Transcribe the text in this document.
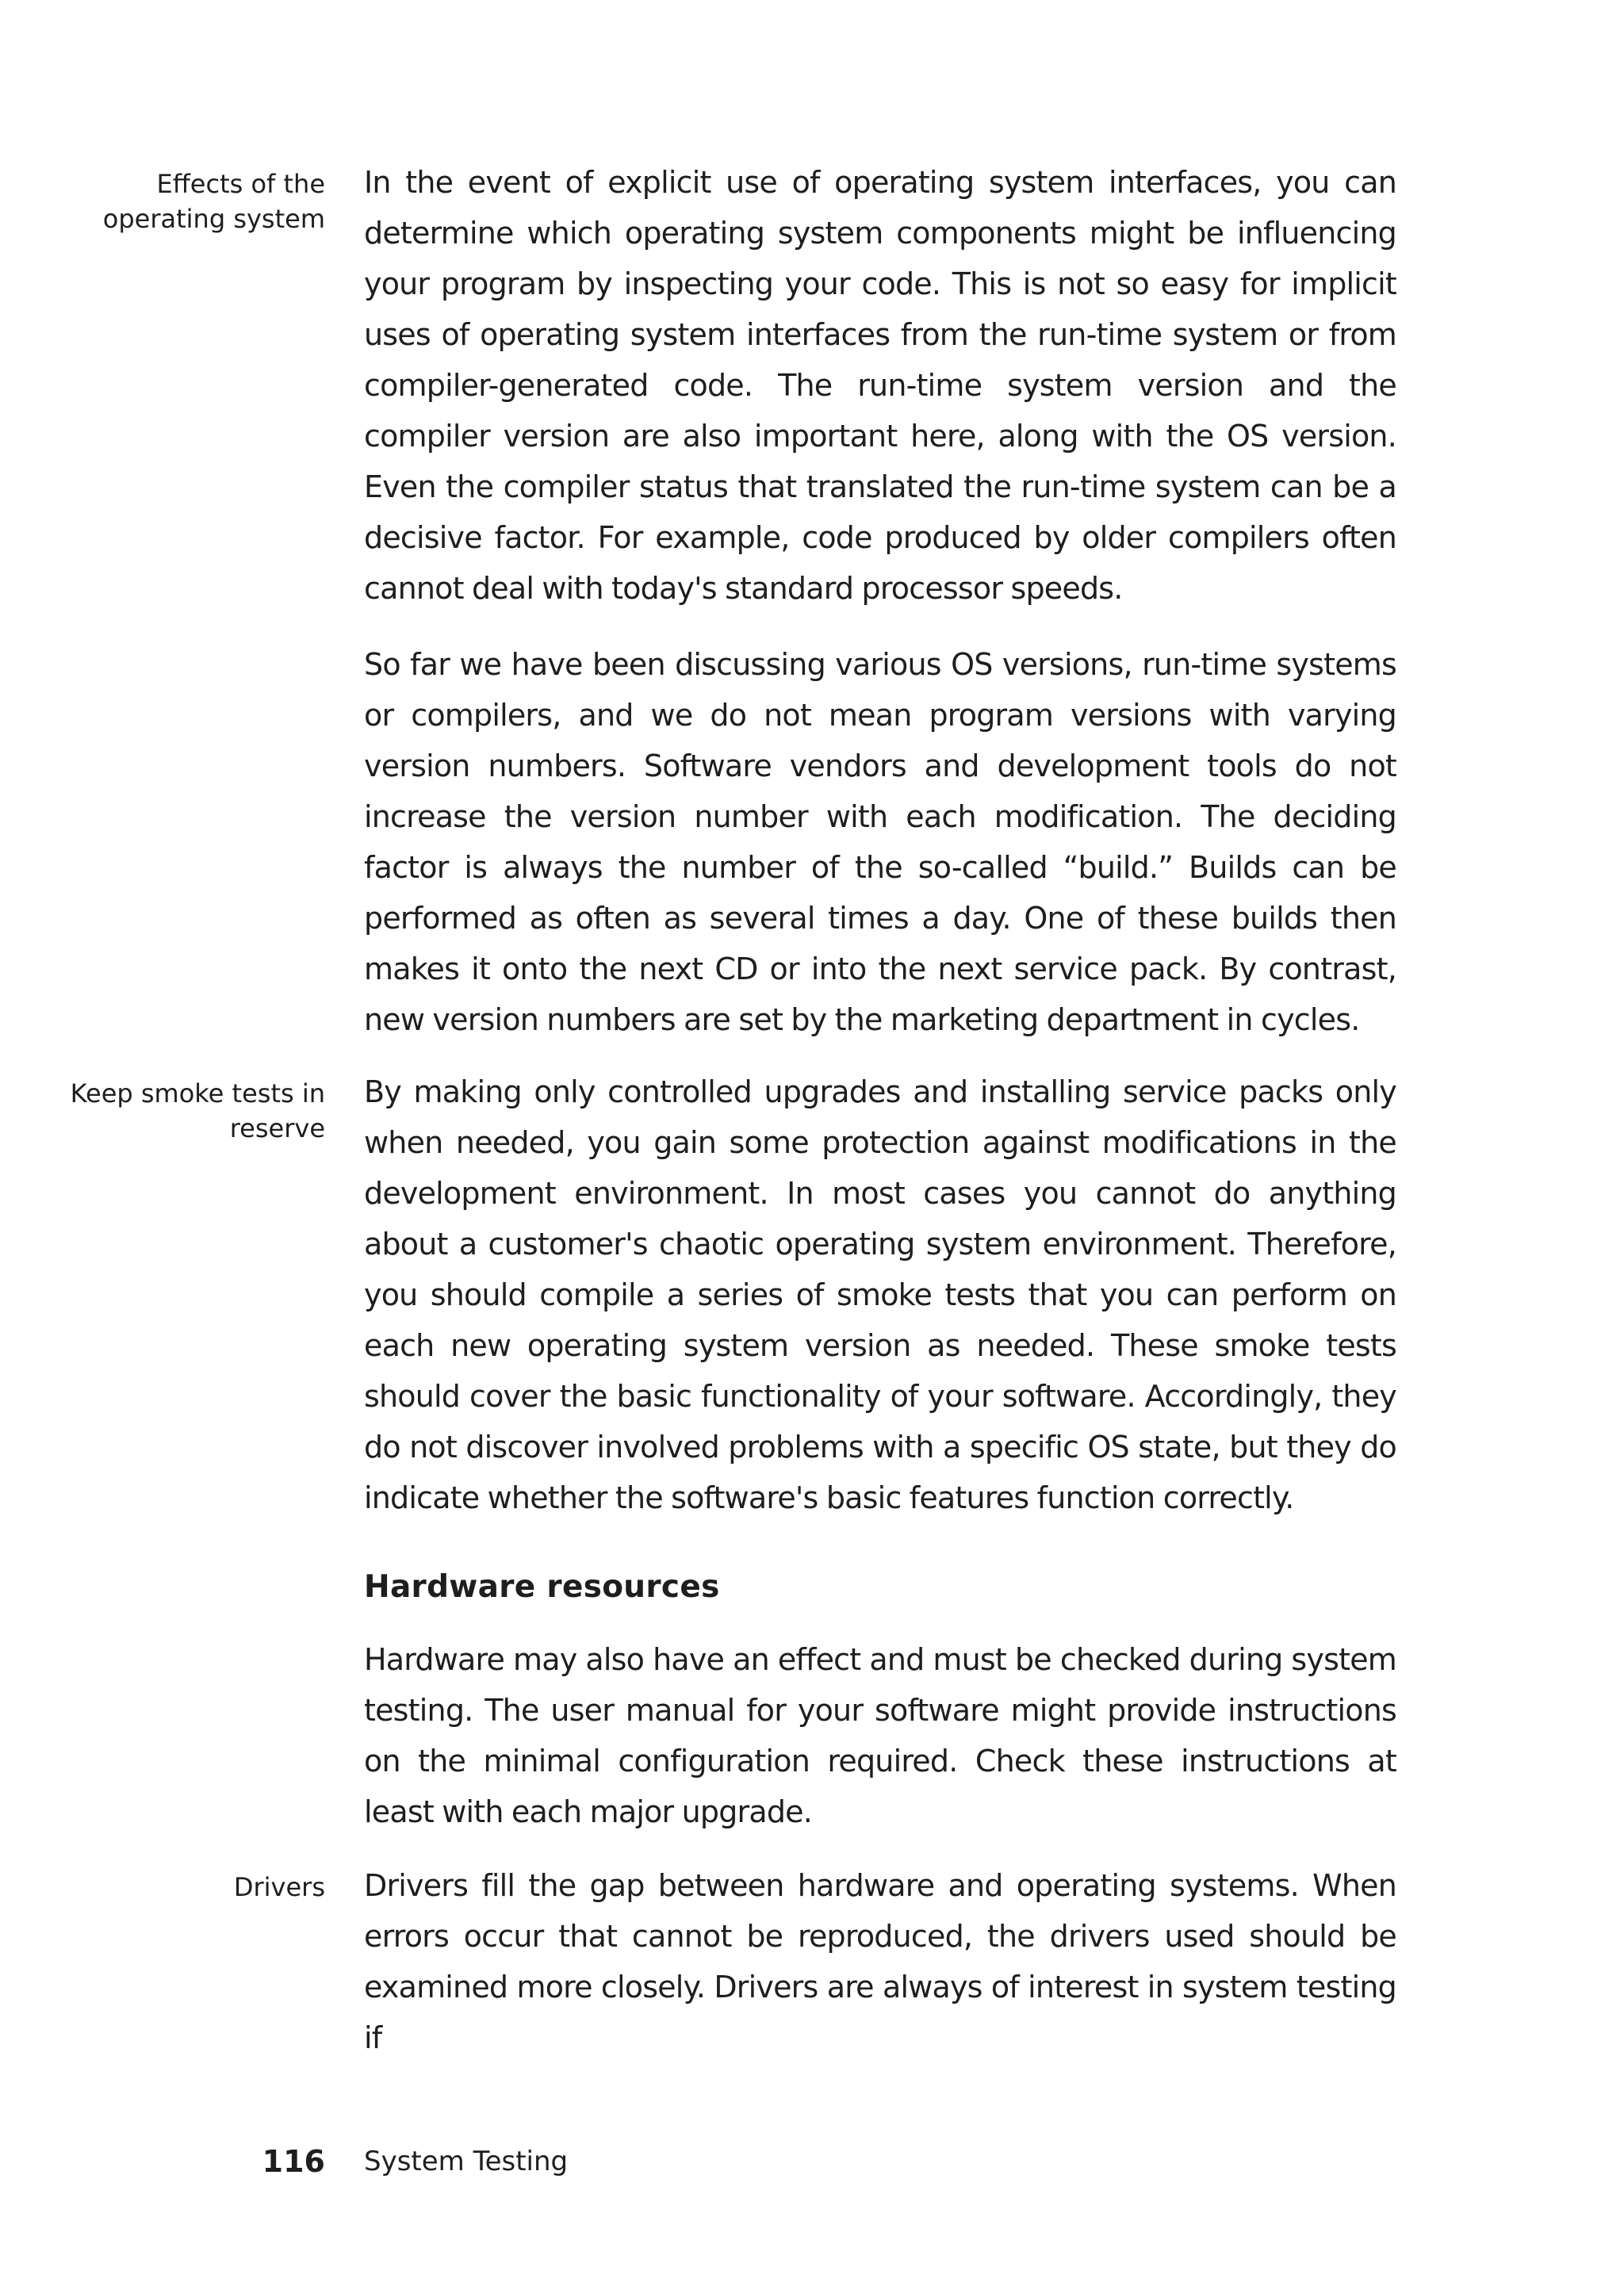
Effects of the operating system

In the event of explicit use of operating system interfaces, you can determine which operating system components might be influencing your program by inspecting your code. This is not so easy for implicit uses of operating system interfaces from the run-time system or from compiler-generated code. The run-time system version and the compiler version are also important here, along with the OS version. Even the compiler status that translated the run-time system can be a decisive factor. For example, code produced by older compilers often cannot deal with today's standard processor speeds.

So far we have been discussing various OS versions, run-time systems or compilers, and we do not mean program versions with varying version numbers. Software vendors and development tools do not increase the version number with each modification. The deciding factor is always the number of the so-called “build.” Builds can be performed as often as several times a day. One of these builds then makes it onto the next CD or into the next service pack. By contrast, new version numbers are set by the marketing department in cycles.

Keep smoke tests in reserve

By making only controlled upgrades and installing service packs only when needed, you gain some protection against modifications in the development environment. In most cases you cannot do anything about a customer's chaotic operating system environment. Therefore, you should compile a series of smoke tests that you can perform on each new operating system version as needed. These smoke tests should cover the basic functionality of your software. Accordingly, they do not discover involved problems with a specific OS state, but they do indicate whether the software's basic features function correctly.

Hardware resources

Hardware may also have an effect and must be checked during system testing. The user manual for your software might provide instructions on the minimal configuration required. Check these instructions at least with each major upgrade.

Drivers Drivers fill the gap between hardware and operating systems. When errors occur that cannot be reproduced, the drivers used should be examined more closely. Drivers are always of interest in system testing if

116 System Testing
